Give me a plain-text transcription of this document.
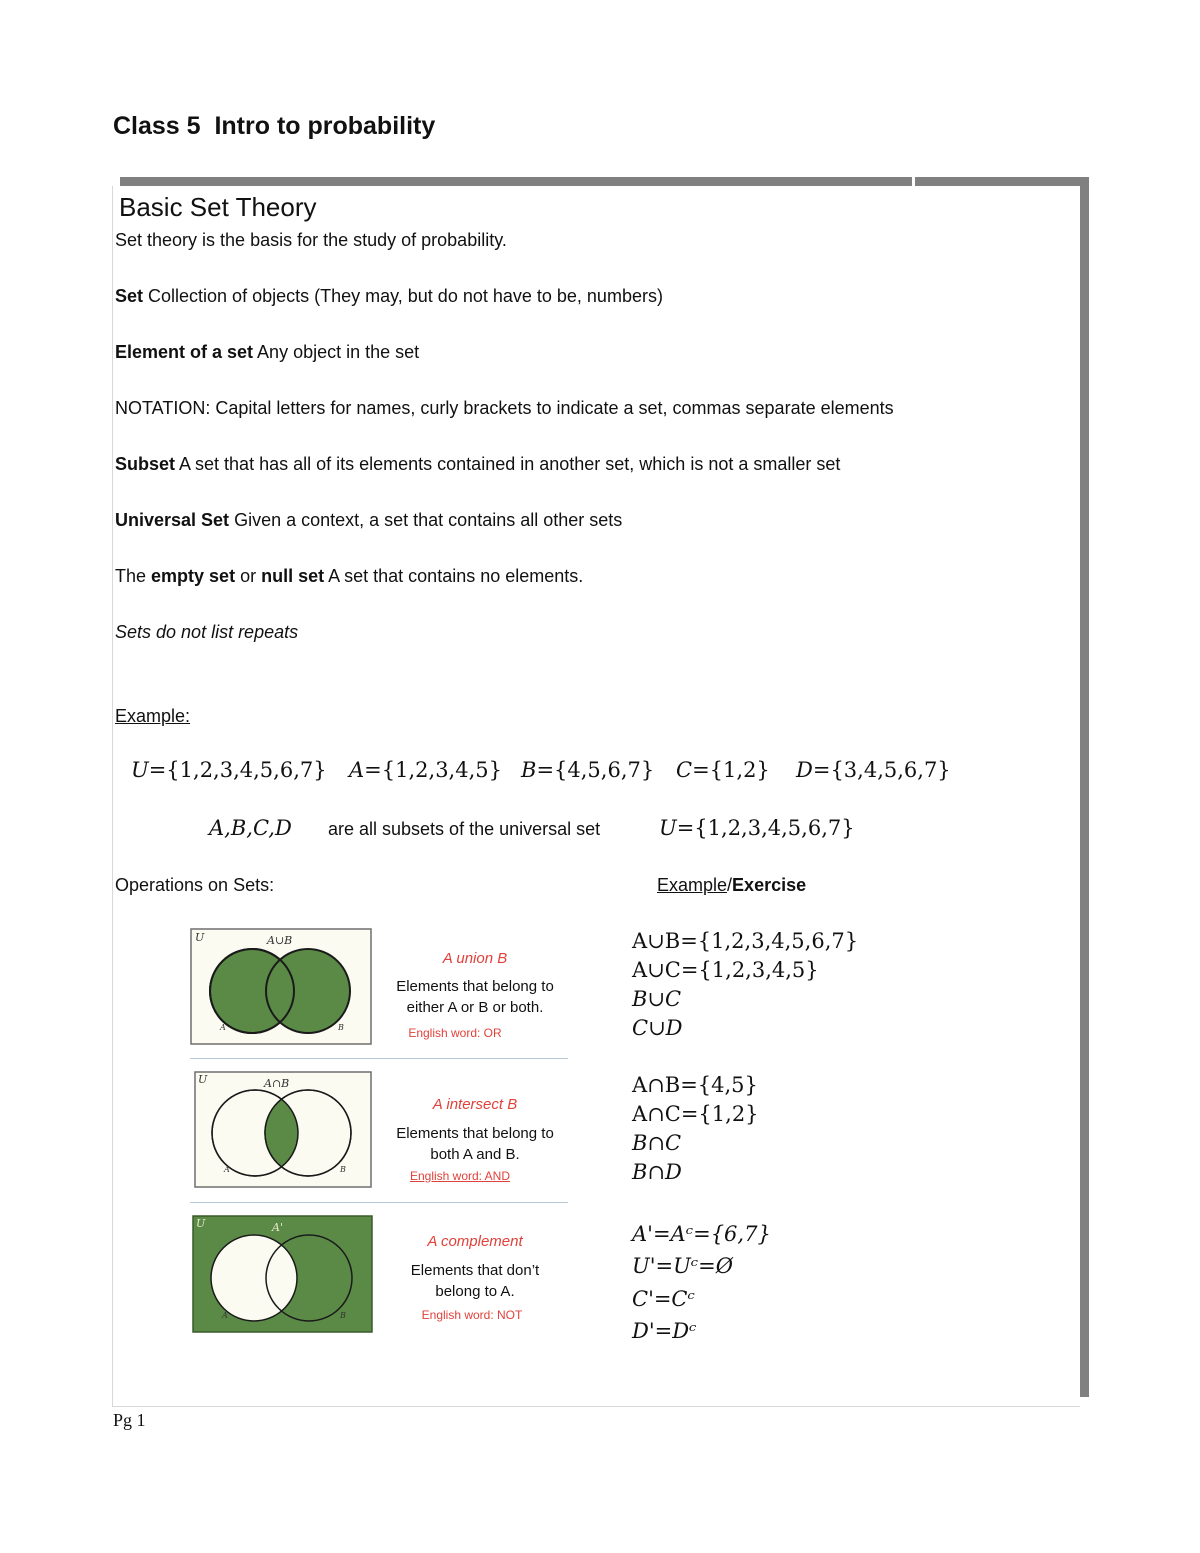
Class 5  Intro to probability
Basic Set Theory
Set theory is the basis for the study of probability.
Set Collection of objects (They may, but do not have to be, numbers)
Element of a set Any object in the set
NOTATION: Capital letters for names, curly brackets to indicate a set, commas separate elements
Subset A set that has all of its elements contained in another set, which is not a smaller set
Universal Set Given a context, a set that contains all other sets
The empty set or null set A set that contains no elements.
Sets do not list repeats
Example:
U={1,2,3,4,5,6,7} A={1,2,3,4,5} B={4,5,6,7} C={1,2} D={3,4,5,6,7}
A,B,C,D are all subsets of the universal set	U={1,2,3,4,5,6,7}
Operations on Sets:	Example/Exercise
U	A∪B
A	B
A union B
Elements that belong to
either A or B or both.
English word: OR
U	A∩B
A	B
A intersect B
Elements that belong to
both A and B.
English word: AND
U	A'
A	B
A complement
Elements that don’t
belong to A.
English word: NOT
A∪B={1,2,3,4,5,6,7}
A∪C={1,2,3,4,5}
B∪C
C∪D
A∩B={4,5}
A∩C={1,2}
B∩C
B∩D
A'=Aᶜ={6,7}
U'=Uᶜ=Ø
C'=Cᶜ
D'=Dᶜ
Pg 1
